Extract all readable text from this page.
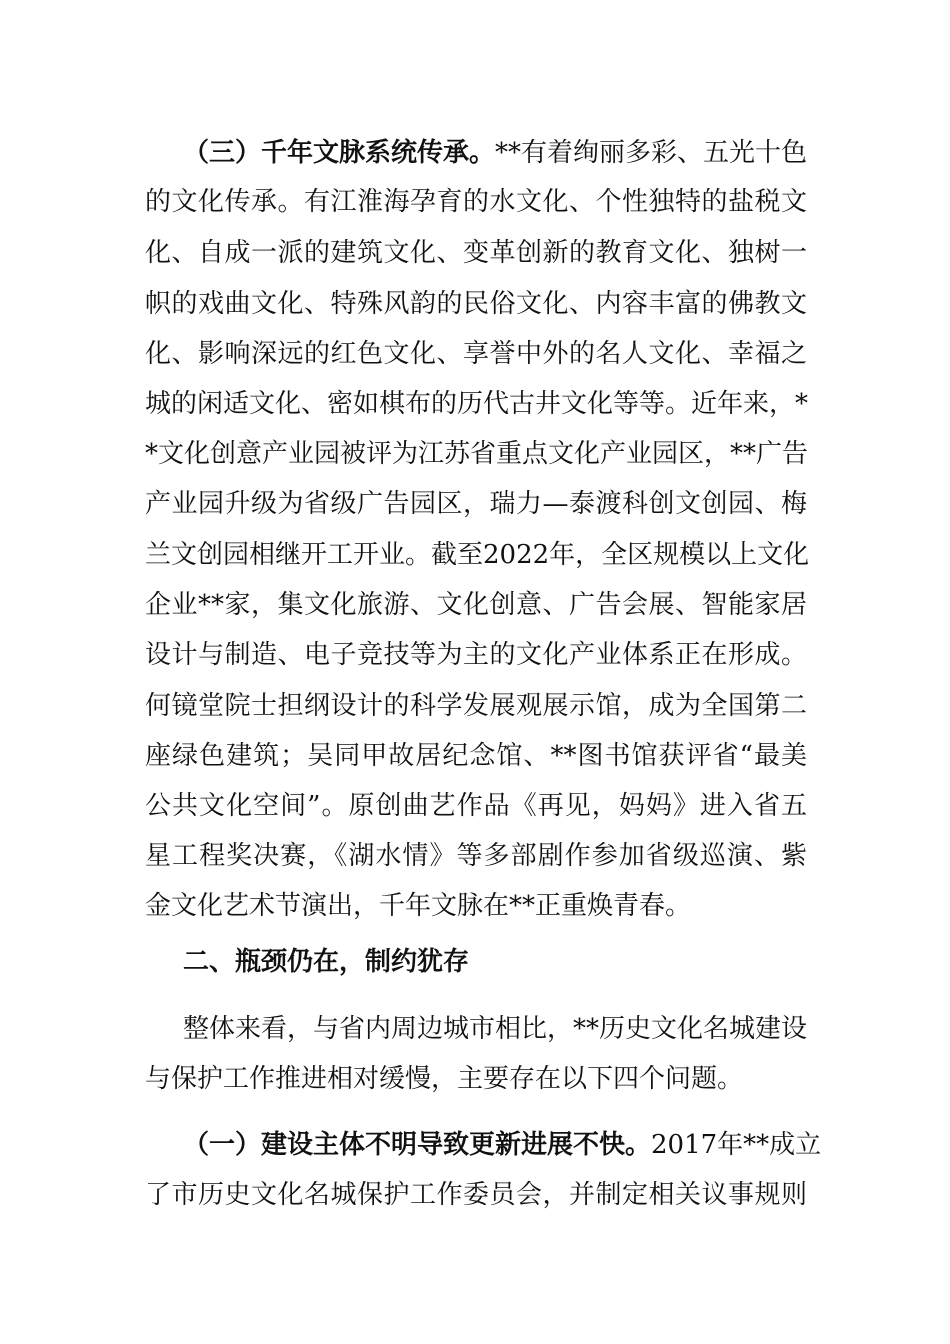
（三）千年文脉系统传承。**有着绚丽多彩、五光十色
的文化传承。有江淮海孕育的水文化、个性独特的盐税文
化、自成一派的建筑文化、变革创新的教育文化、独树一
帜的戏曲文化、特殊风韵的民俗文化、内容丰富的佛教文
化、影响深远的红色文化、享誉中外的名人文化、幸福之
城的闲适文化、密如棋布的历代古井文化等等。近年来，*
*文化创意产业园被评为江苏省重点文化产业园区，**广告
产业园升级为省级广告园区，瑞力—泰渡科创文创园、梅
兰文创园相继开工开业。截至2022年，全区规模以上文化
企业**家，集文化旅游、文化创意、广告会展、智能家居
设计与制造、电子竞技等为主的文化产业体系正在形成。
何镜堂院士担纲设计的科学发展观展示馆，成为全国第二
座绿色建筑；吴同甲故居纪念馆、**图书馆获评省“最美
公共文化空间”。原创曲艺作品《再见，妈妈》进入省五
星工程奖决赛，《湖水情》等多部剧作参加省级巡演、紫
金文化艺术节演出，千年文脉在**正重焕青春。
二、瓶颈仍在，制约犹存
整体来看，与省内周边城市相比，**历史文化名城建设
与保护工作推进相对缓慢，主要存在以下四个问题。
（一）建设主体不明导致更新进展不快。2017年**成立
了市历史文化名城保护工作委员会，并制定相关议事规则
